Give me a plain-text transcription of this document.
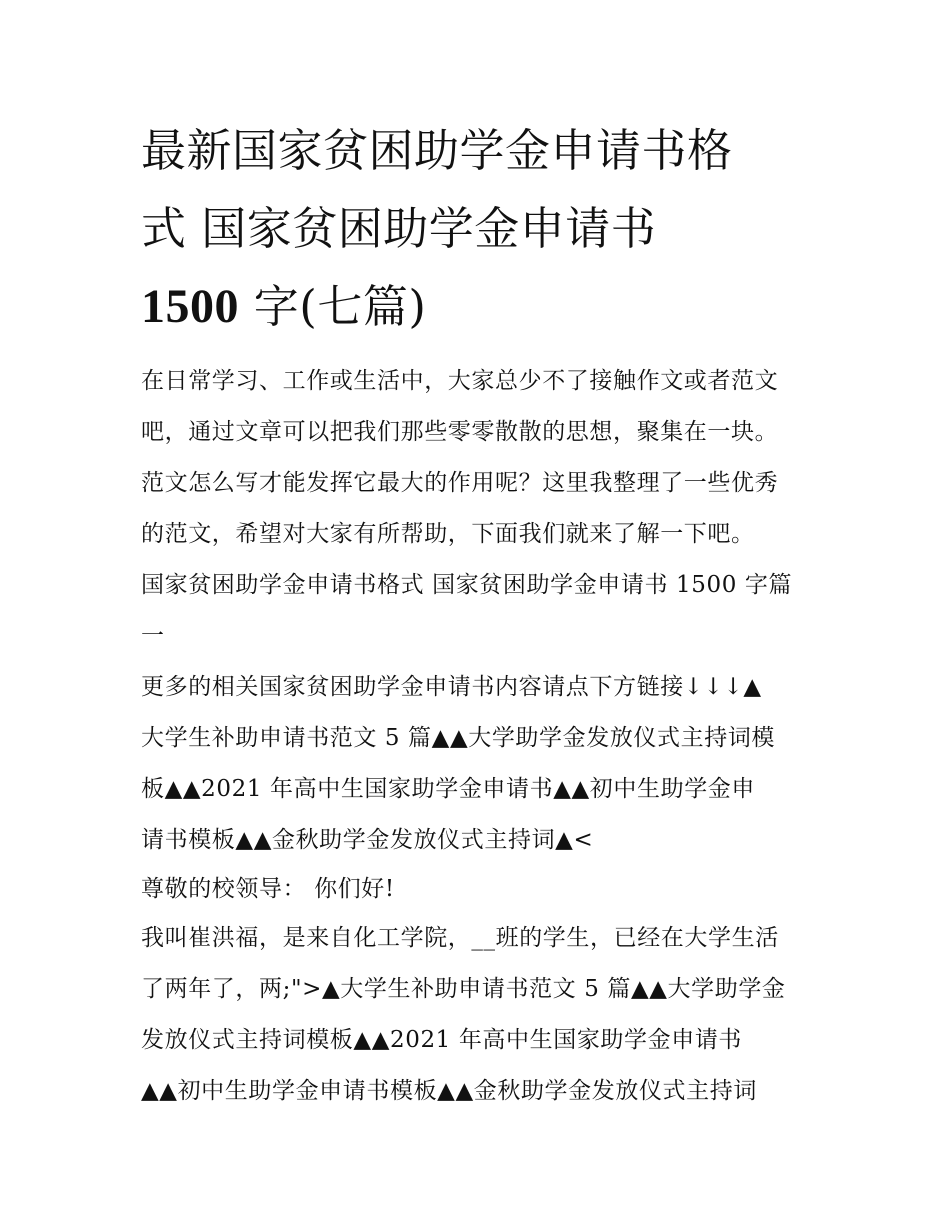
最新国家贫困助学金申请书格
式 国家贫困助学金申请书
1500 字(七篇)

在日常学习、工作或生活中，大家总少不了接触作文或者范文
吧，通过文章可以把我们那些零零散散的思想，聚集在一块。
范文怎么写才能发挥它最大的作用呢？这里我整理了一些优秀
的范文，希望对大家有所帮助，下面我们就来了解一下吧。

国家贫困助学金申请书格式 国家贫困助学金申请书 1500 字篇
一

更多的相关国家贫困助学金申请书内容请点下方链接↓↓↓▲
大学生补助申请书范文 5 篇▲▲大学助学金发放仪式主持词模
板▲▲2021 年高中生国家助学金申请书▲▲初中生助学金申
请书模板▲▲金秋助学金发放仪式主持词▲<

尊敬的校领导： 你们好!

我叫崔洪福，是来自化工学院，__班的学生，已经在大学生活
了两年了，两;">▲大学生补助申请书范文 5 篇▲▲大学助学金
发放仪式主持词模板▲▲2021 年高中生国家助学金申请书
▲▲初中生助学金申请书模板▲▲金秋助学金发放仪式主持词
